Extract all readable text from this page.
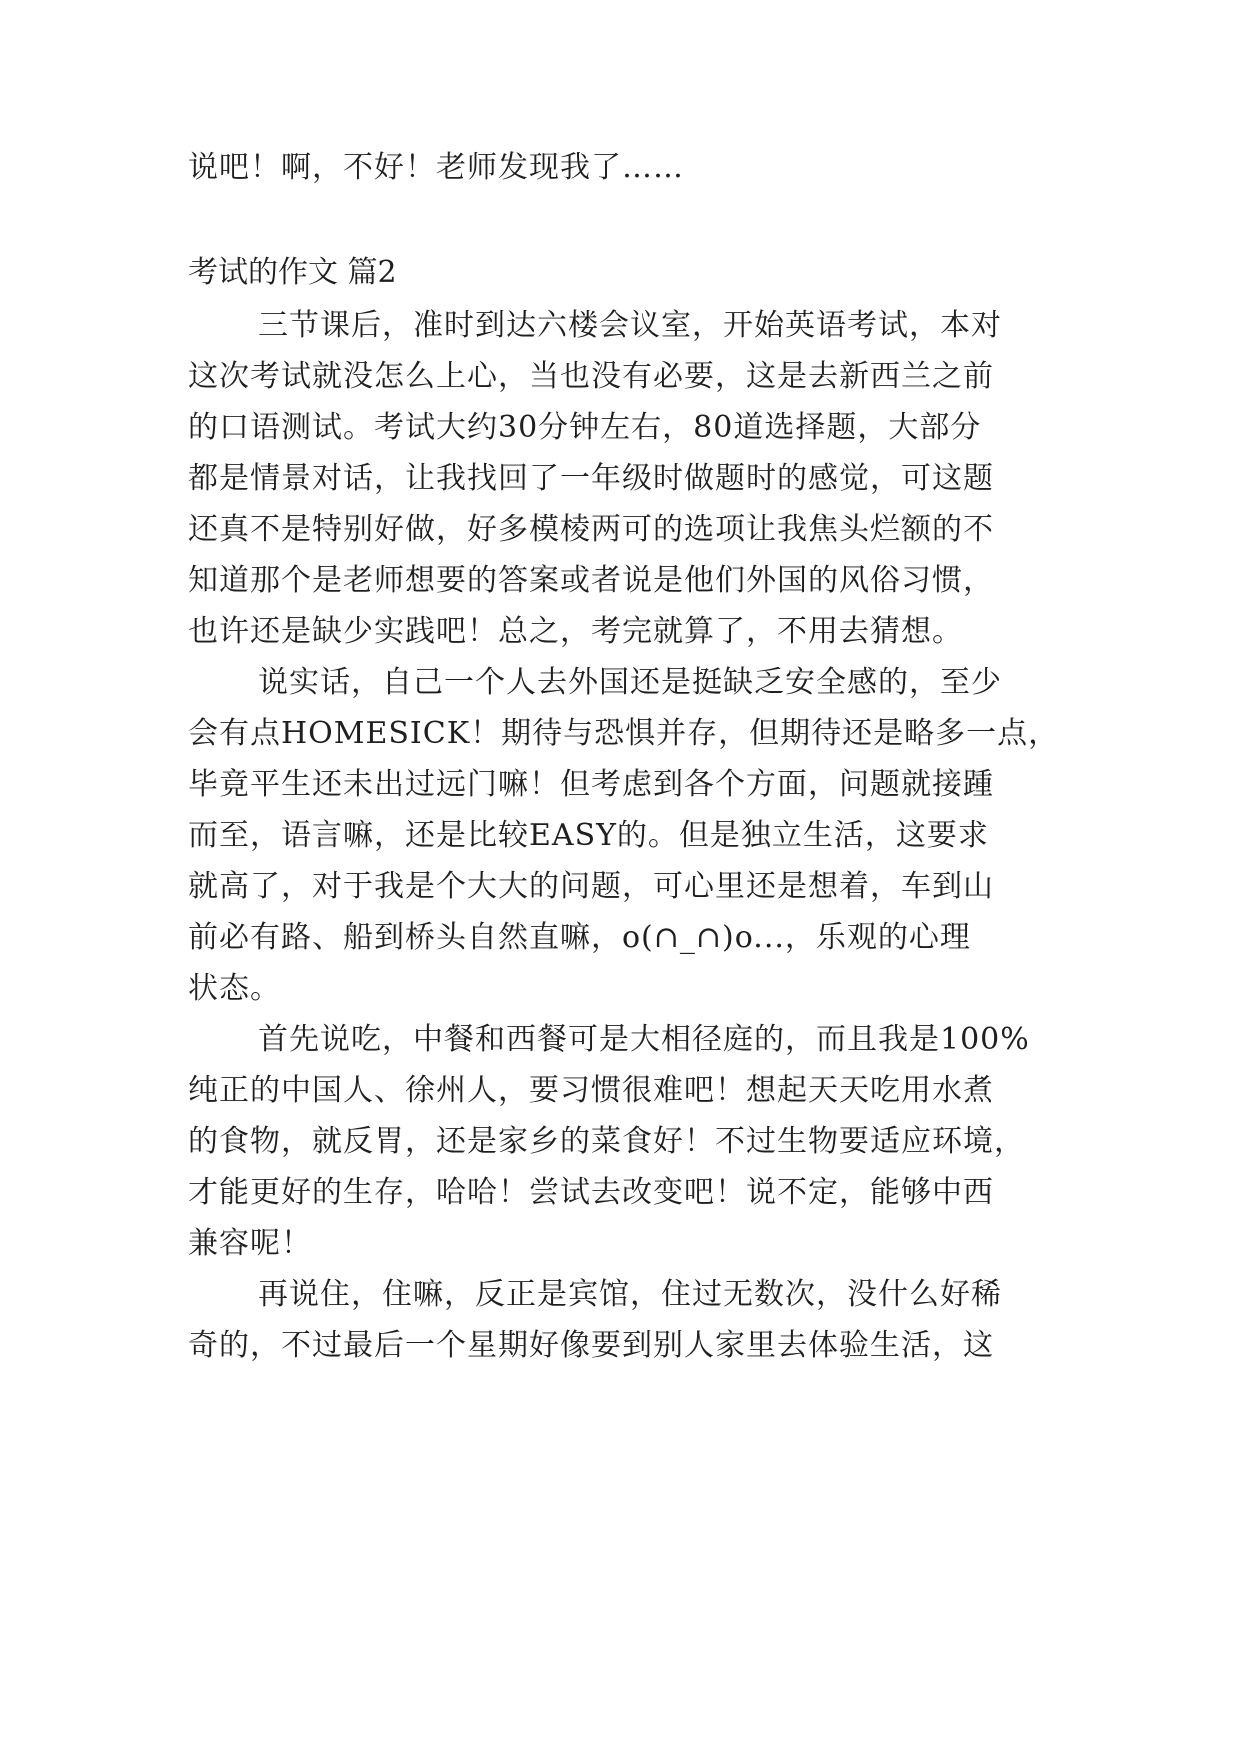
说吧！啊，不好！老师发现我了……
考试的作文 篇2
三节课后，准时到达六楼会议室，开始英语考试，本对
这次考试就没怎么上心，当也没有必要，这是去新西兰之前
的口语测试。考试大约30分钟左右，80道选择题，大部分
都是情景对话，让我找回了一年级时做题时的感觉，可这题
还真不是特别好做，好多模棱两可的选项让我焦头烂额的不
知道那个是老师想要的答案或者说是他们外国的风俗习惯，
也许还是缺少实践吧！总之，考完就算了，不用去猜想。
说实话，自己一个人去外国还是挺缺乏安全感的，至少
会有点HOMESICK！期待与恐惧并存，但期待还是略多一点，
毕竟平生还未出过远门嘛！但考虑到各个方面，问题就接踵
而至，语言嘛，还是比较EASY的。但是独立生活，这要求
就高了，对于我是个大大的问题，可心里还是想着，车到山
前必有路、船到桥头自然直嘛，o(∩_∩)o...，乐观的心理
状态。
首先说吃，中餐和西餐可是大相径庭的，而且我是100%
纯正的中国人、徐州人，要习惯很难吧！想起天天吃用水煮
的食物，就反胃，还是家乡的菜食好！不过生物要适应环境，
才能更好的生存，哈哈！尝试去改变吧！说不定，能够中西
兼容呢！
再说住，住嘛，反正是宾馆，住过无数次，没什么好稀
奇的，不过最后一个星期好像要到别人家里去体验生活，这
